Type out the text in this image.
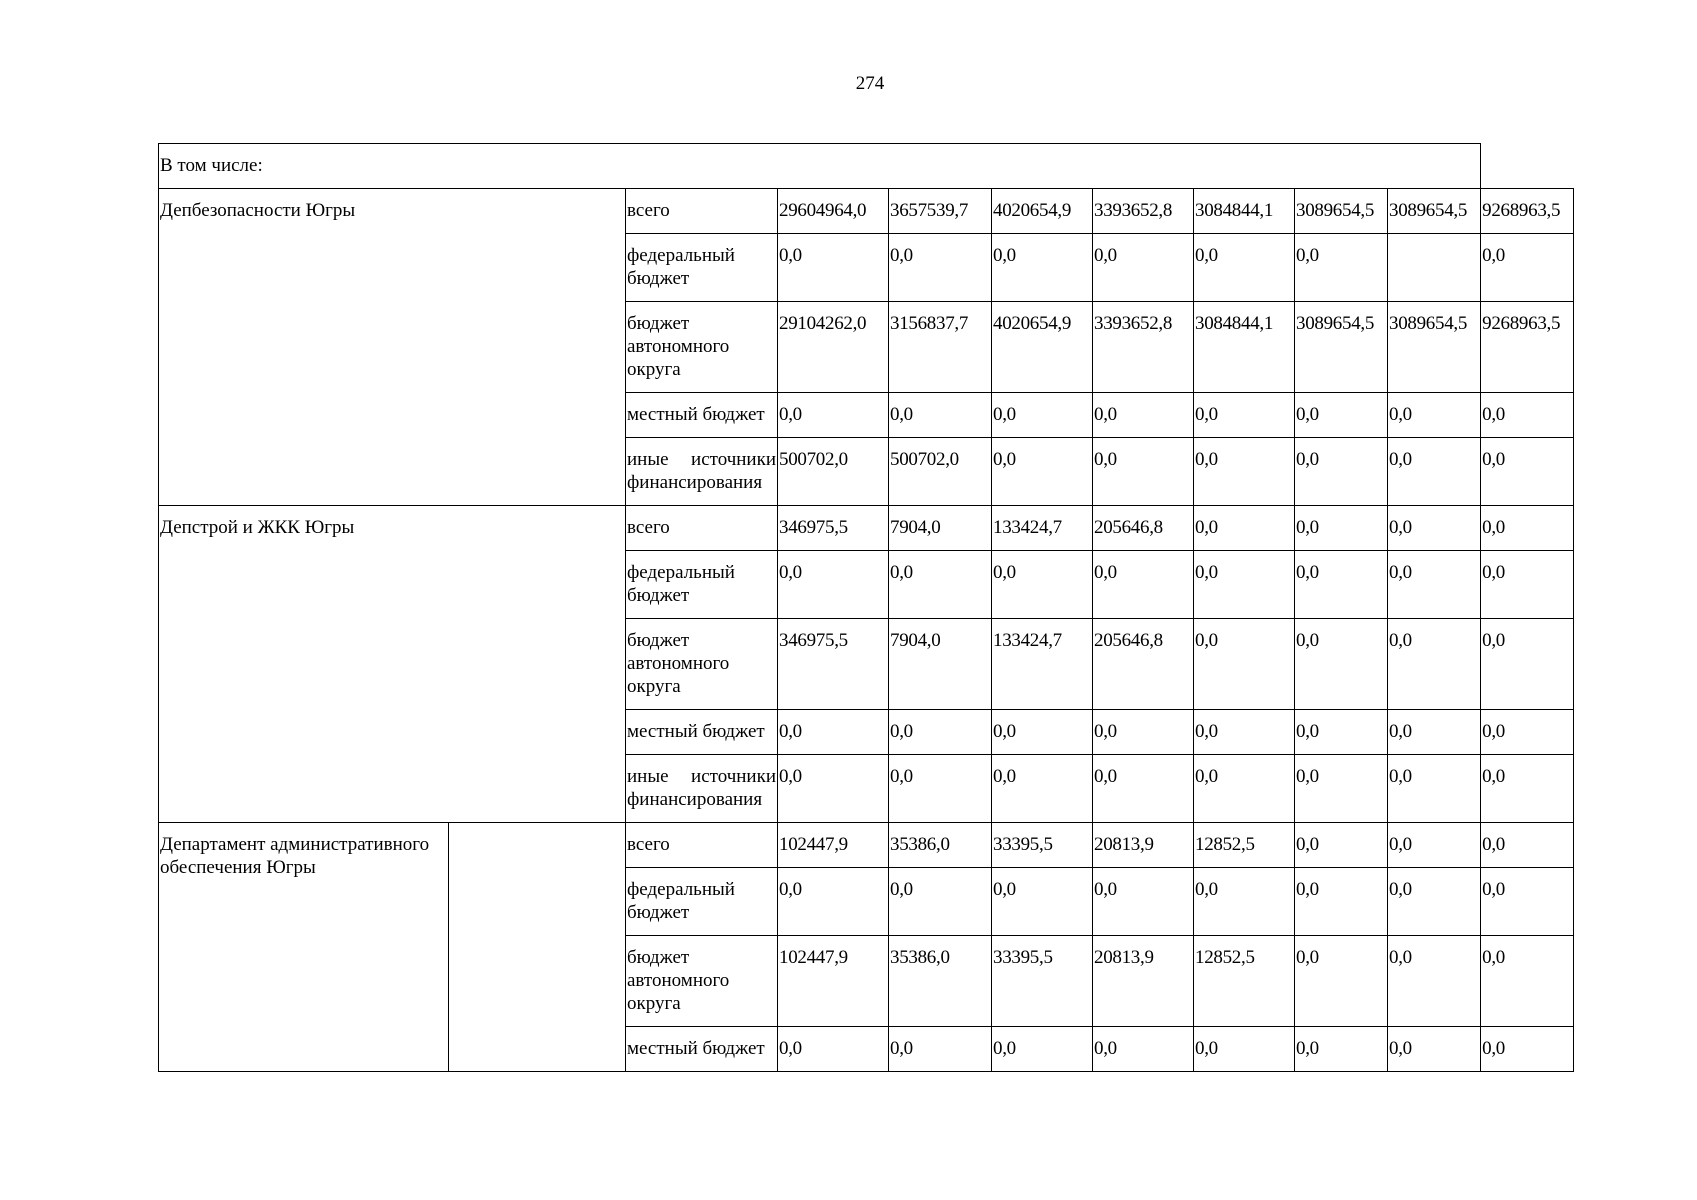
274
В том числе:										
Депбезопасности Югры		всего	29604964,0	3657539,7	4020654,9	3393652,8	3084844,1	3089654,5	3089654,5	9268963,5
		федеральный бюджет	0,0	0,0	0,0	0,0	0,0	0,0		0,0
		бюджет автономного округа	29104262,0	3156837,7	4020654,9	3393652,8	3084844,1	3089654,5	3089654,5	9268963,5
		местный бюджет	0,0	0,0	0,0	0,0	0,0	0,0	0,0	0,0
		иные источники финансирования	500702,0	500702,0	0,0	0,0	0,0	0,0	0,0	0,0
Депстрой и ЖКК Югры		всего	346975,5	7904,0	133424,7	205646,8	0,0	0,0	0,0	0,0
		федеральный бюджет	0,0	0,0	0,0	0,0	0,0	0,0	0,0	0,0
		бюджет автономного округа	346975,5	7904,0	133424,7	205646,8	0,0	0,0	0,0	0,0
		местный бюджет	0,0	0,0	0,0	0,0	0,0	0,0	0,0	0,0
		иные источники финансирования	0,0	0,0	0,0	0,0	0,0	0,0	0,0	0,0
Департамент административного обеспечения Югры		всего	102447,9	35386,0	33395,5	20813,9	12852,5	0,0	0,0	0,0
		федеральный бюджет	0,0	0,0	0,0	0,0	0,0	0,0	0,0	0,0
		бюджет автономного округа	102447,9	35386,0	33395,5	20813,9	12852,5	0,0	0,0	0,0
		местный бюджет	0,0	0,0	0,0	0,0	0,0	0,0	0,0	0,0
